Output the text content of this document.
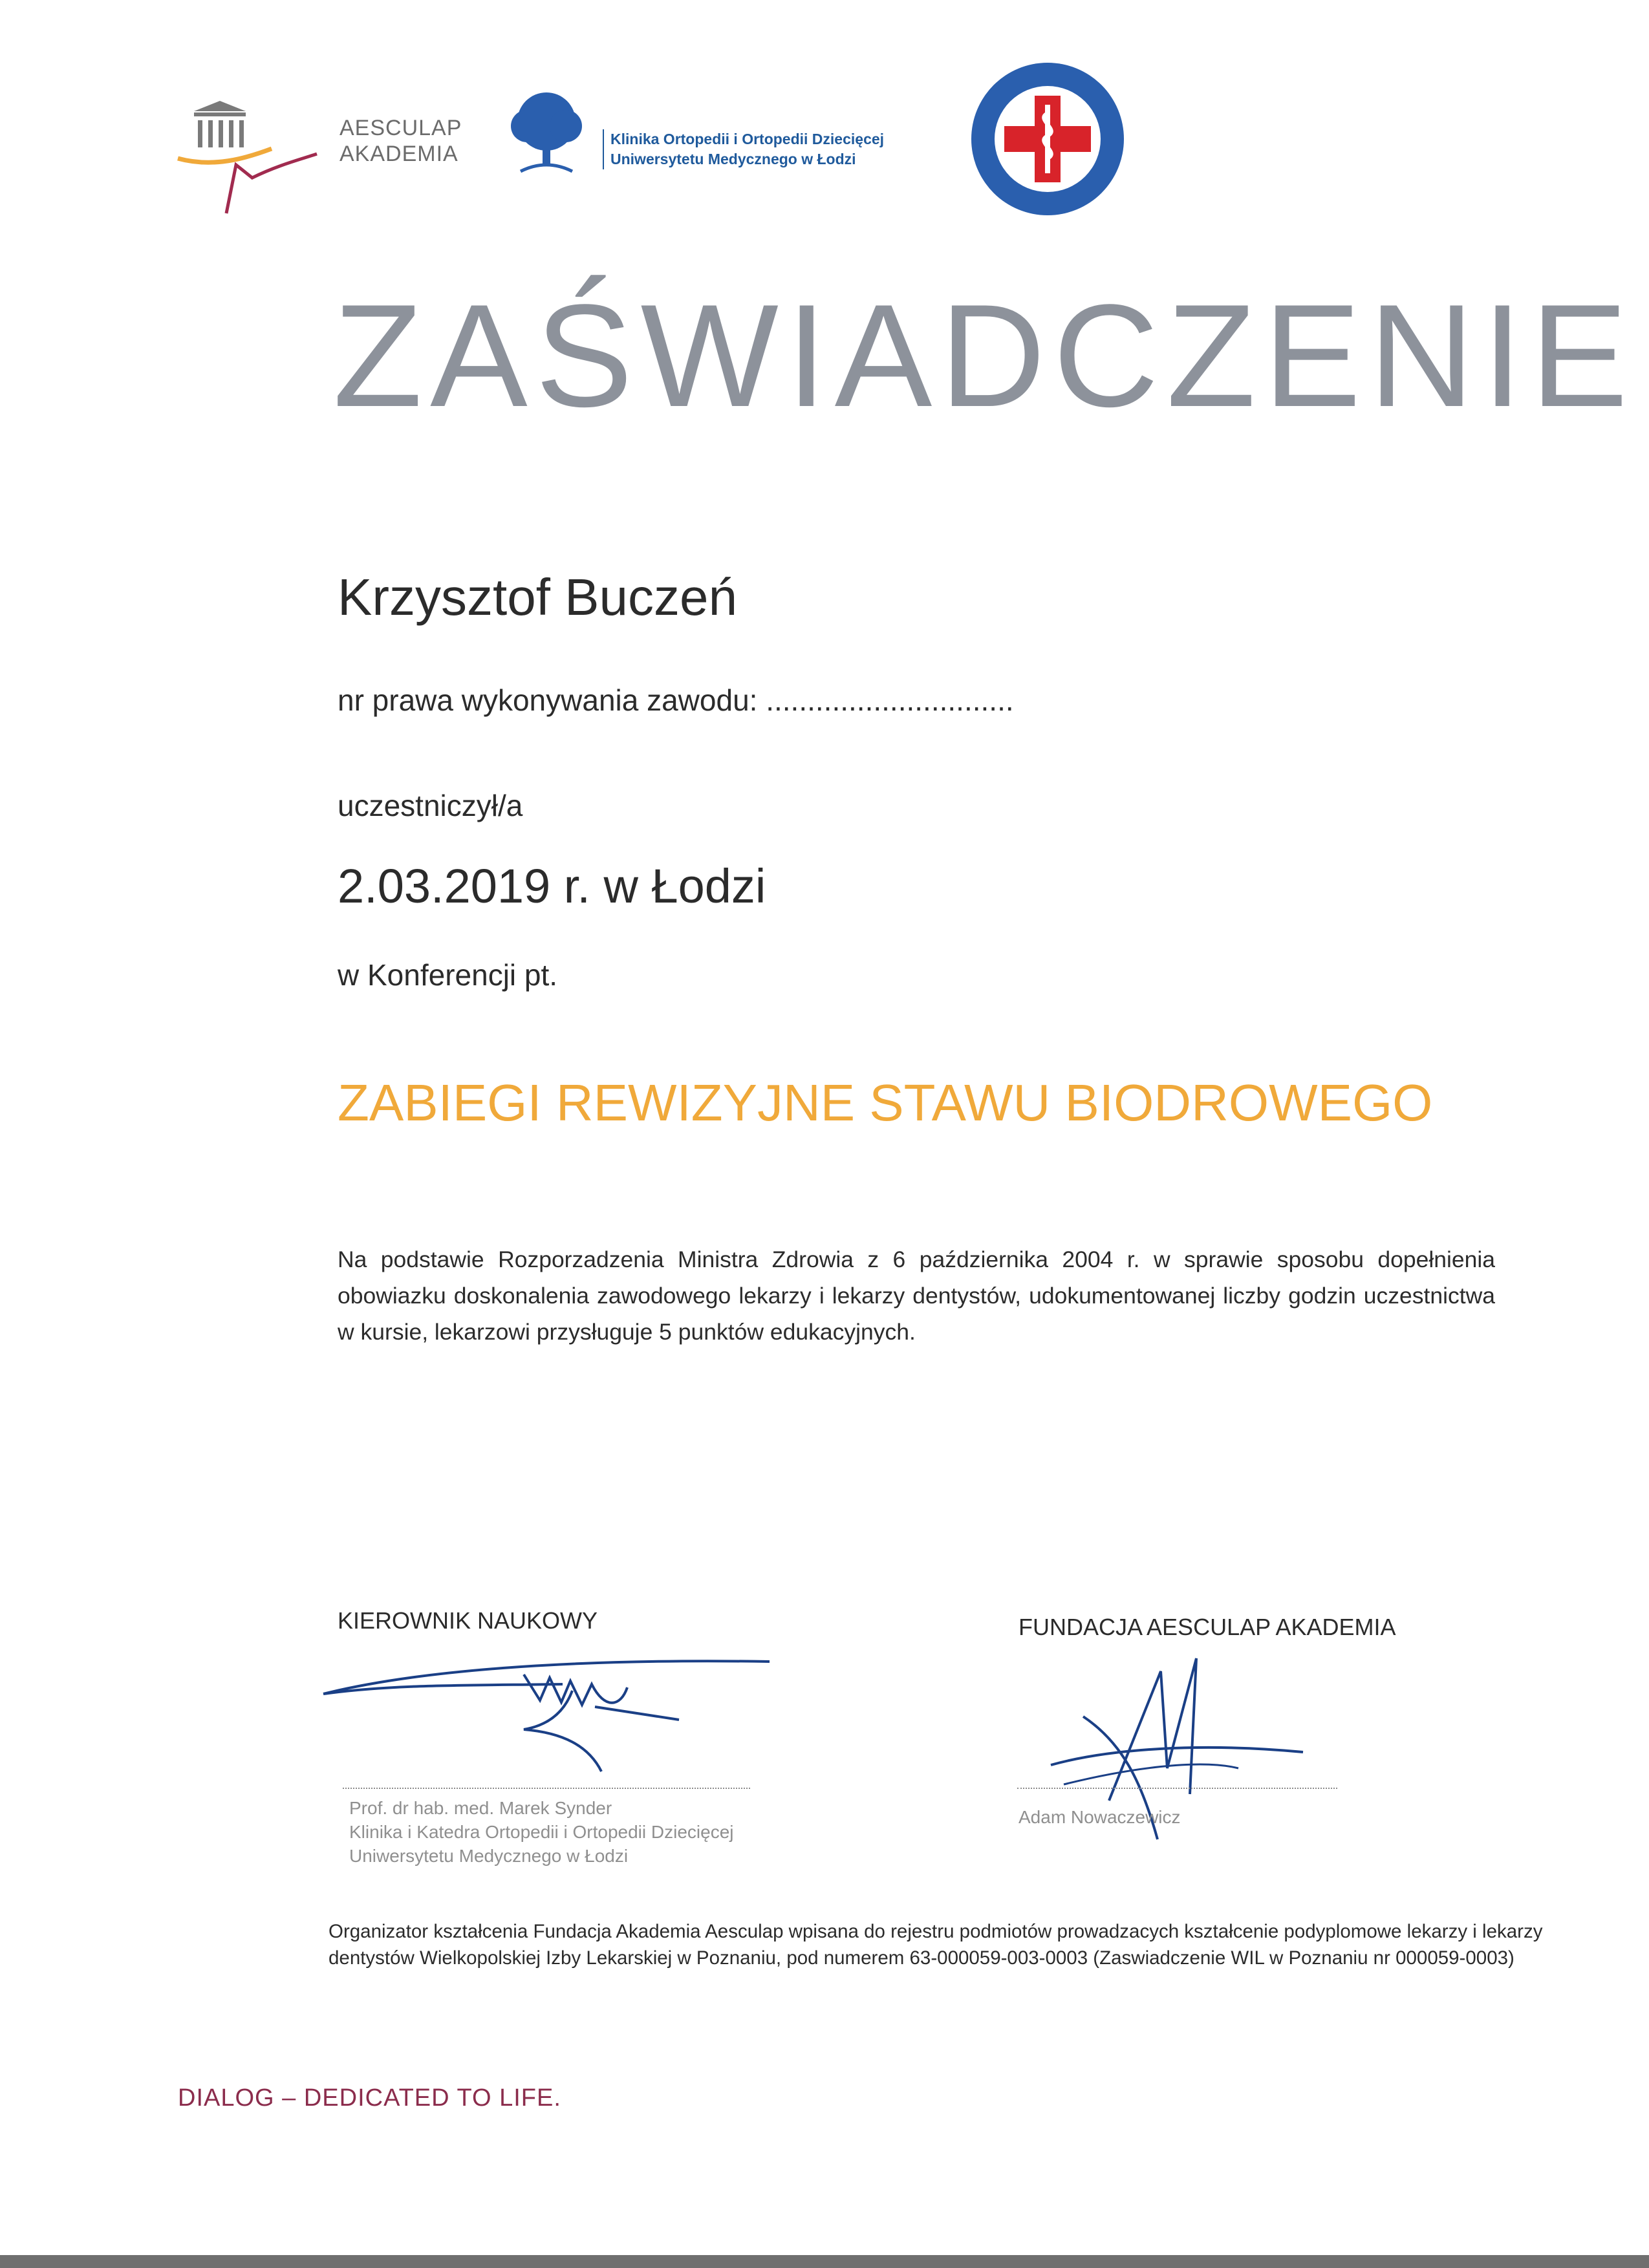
AESCULAP
AKADEMIA
Klinika Ortopedii i Ortopedii Dziecięcej
Uniwersytetu Medycznego w Łodzi
ZAŚWIADCZENIE
Krzysztof Buczeń
nr prawa wykonywania zawodu: ..............................
uczestniczył/a
2.03.2019 r. w Łodzi
w Konferencji pt.
ZABIEGI REWIZYJNE STAWU BIODROWEGO
Na podstawie Rozporzadzenia Ministra Zdrowia z 6 października 2004 r. w sprawie sposobu dopełnienia obowiazku doskonalenia zawodowego lekarzy i lekarzy dentystów, udokumentowanej liczby godzin uczestnictwa w kursie, lekarzowi przysługuje 5 punktów edukacyjnych.
KIEROWNIK NAUKOWY	FUNDACJA AESCULAP AKADEMIA
Prof. dr hab. med. Marek Synder
Klinika i Katedra Ortopedii i Ortopedii Dziecięcej
Uniwersytetu Medycznego w Łodzi
Adam Nowaczewicz
Organizator kształcenia Fundacja Akademia Aesculap wpisana do rejestru podmiotów prowadzacych kształcenie podyplomowe lekarzy i lekarzy dentystów Wielkopolskiej Izby Lekarskiej w Poznaniu, pod numerem 63-000059-003-0003 (Zaswiadczenie WIL w Poznaniu nr 000059-0003)
DIALOG – DEDICATED TO LIFE.
